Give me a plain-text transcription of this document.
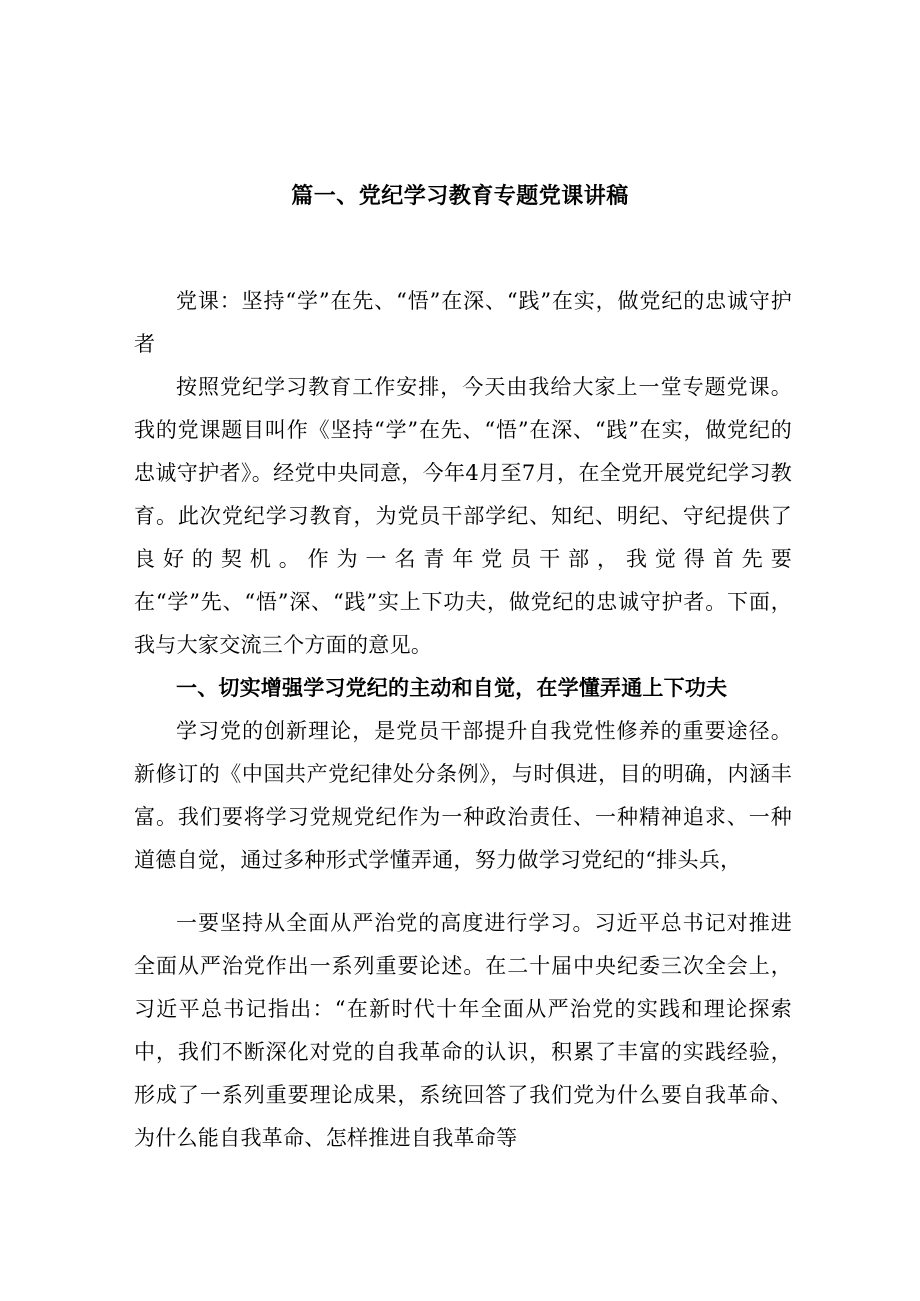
篇一、党纪学习教育专题党课讲稿

党课：坚持“学”在先、“悟”在深、“践”在实，做党纪的忠诚守护者

按照党纪学习教育工作安排，今天由我给大家上一堂专题党课。我的党课题目叫作《坚持“学”在先、“悟”在深、“践”在实，做党纪的忠诚守护者》。经党中央同意，今年4月至7月，在全党开展党纪学习教育。此次党纪学习教育，为党员干部学纪、知纪、明纪、守纪提供了良好的契机。作为一名青年党员干部，我觉得首先要在“学”先、“悟”深、“践”实上下功夫，做党纪的忠诚守护者。下面，我与大家交流三个方面的意见。

一、切实增强学习党纪的主动和自觉，在学懂弄通上下功夫

学习党的创新理论，是党员干部提升自我党性修养的重要途径。新修订的《中国共产党纪律处分条例》，与时俱进，目的明确，内涵丰富。我们要将学习党规党纪作为一种政治责任、一种精神追求、一种道德自觉，通过多种形式学懂弄通，努力做学习党纪的“排头兵，

一要坚持从全面从严治党的高度进行学习。习近平总书记对推进全面从严治党作出一系列重要论述。在二十届中央纪委三次全会上，习近平总书记指出：“在新时代十年全面从严治党的实践和理论探索中，我们不断深化对党的自我革命的认识，积累了丰富的实践经验，形成了一系列重要理论成果，系统回答了我们党为什么要自我革命、为什么能自我革命、怎样推进自我革命等
